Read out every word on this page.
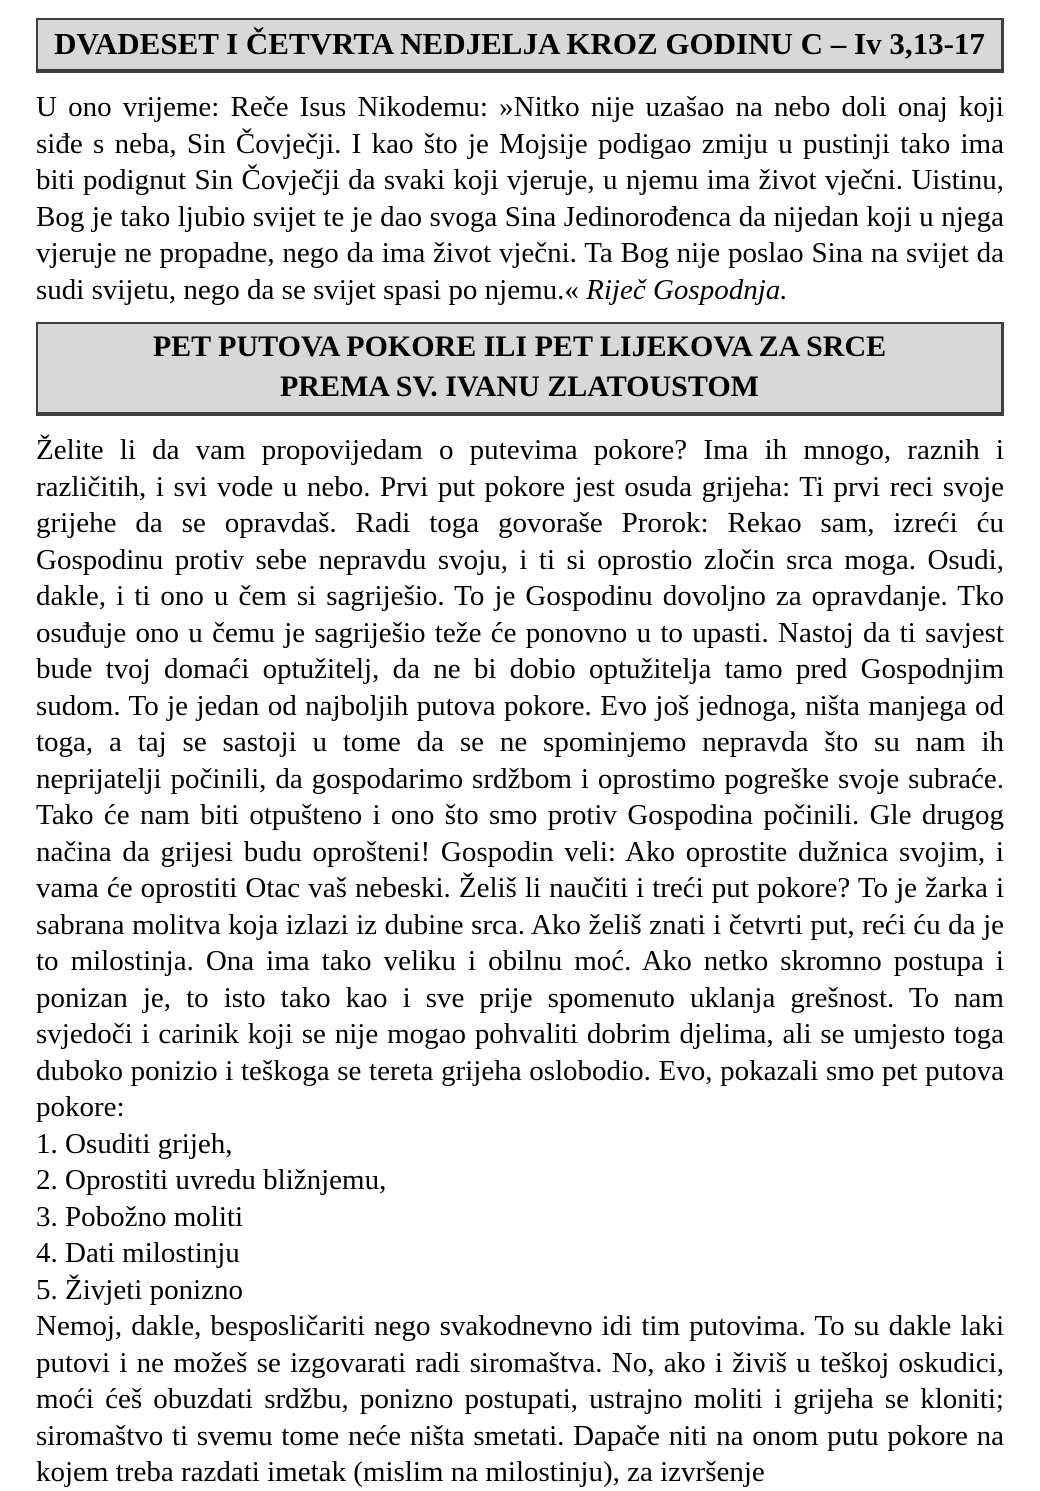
DVADESET I ČETVRTA NEDJELJA KROZ GODINU C – Iv 3,13-17

U ono vrijeme: Reče Isus Nikodemu: »Nitko nije uzašao na nebo doli onaj koji siđe s neba, Sin Čovječji. I kao što je Mojsije podigao zmiju u pustinji tako ima biti podignut Sin Čovječji da svaki koji vjeruje, u njemu ima život vječni. Uistinu, Bog je tako ljubio svijet te je dao svoga Sina Jedinorođenca da nijedan koji u njega vjeruje ne propadne, nego da ima život vječni. Ta Bog nije poslao Sina na svijet da sudi svijetu, nego da se svijet spasi po njemu.« Riječ Gospodnja.

PET PUTOVA POKORE ILI PET LIJEKOVA ZA SRCE
PREMA SV. IVANU ZLATOUSTOM

Želite li da vam propovijedam o putevima pokore? Ima ih mnogo, raznih i različitih, i svi vode u nebo. Prvi put pokore jest osuda grijeha: Ti prvi reci svoje grijehe da se opravdaš. Radi toga govoraše Prorok: Rekao sam, izreći ću Gospodinu protiv sebe nepravdu svoju, i ti si oprostio zločin srca moga. Osudi, dakle, i ti ono u čem si sagriješio. To je Gospodinu dovoljno za opravdanje. Tko osuđuje ono u čemu je sagriješio teže će ponovno u to upasti. Nastoj da ti savjest bude tvoj domaći optužitelj, da ne bi dobio optužitelja tamo pred Gospodnjim sudom. To je jedan od najboljih putova pokore. Evo još jednoga, ništa manjega od toga, a taj se sastoji u tome da se ne spominjemo nepravda što su nam ih neprijatelji počinili, da gospodarimo srdžbom i oprostimo pogreške svoje subraće. Tako će nam biti otpušteno i ono što smo protiv Gospodina počinili. Gle drugog načina da grijesi budu oprošteni! Gospodin veli: Ako oprostite dužnica svojim, i vama će oprostiti Otac vaš nebeski. Želiš li naučiti i treći put pokore? To je žarka i sabrana molitva koja izlazi iz dubine srca. Ako želiš znati i četvrti put, reći ću da je to milostinja. Ona ima tako veliku i obilnu moć. Ako netko skromno postupa i ponizan je, to isto tako kao i sve prije spomenuto uklanja grešnost. To nam svjedoči i carinik koji se nije mogao pohvaliti dobrim djelima, ali se umjesto toga duboko ponizio i teškoga se tereta grijeha oslobodio. Evo, pokazali smo pet putova pokore:

1. Osuditi grijeh,
2. Oprostiti uvredu bližnjemu,
3. Pobožno moliti
4. Dati milostinju
5. Živjeti ponizno

Nemoj, dakle, besposličariti nego svakodnevno idi tim putovima. To su dakle laki putovi i ne možeš se izgovarati radi siromaštva. No, ako i živiš u teškoj oskudici, moći ćeš obuzdati srdžbu, ponizno postupati, ustrajno moliti i grijeha se kloniti; siromaštvo ti svemu tome neće ništa smetati. Dapače niti na onom putu pokore na kojem treba razdati imetak (mislim na milostinju), za izvršenje
